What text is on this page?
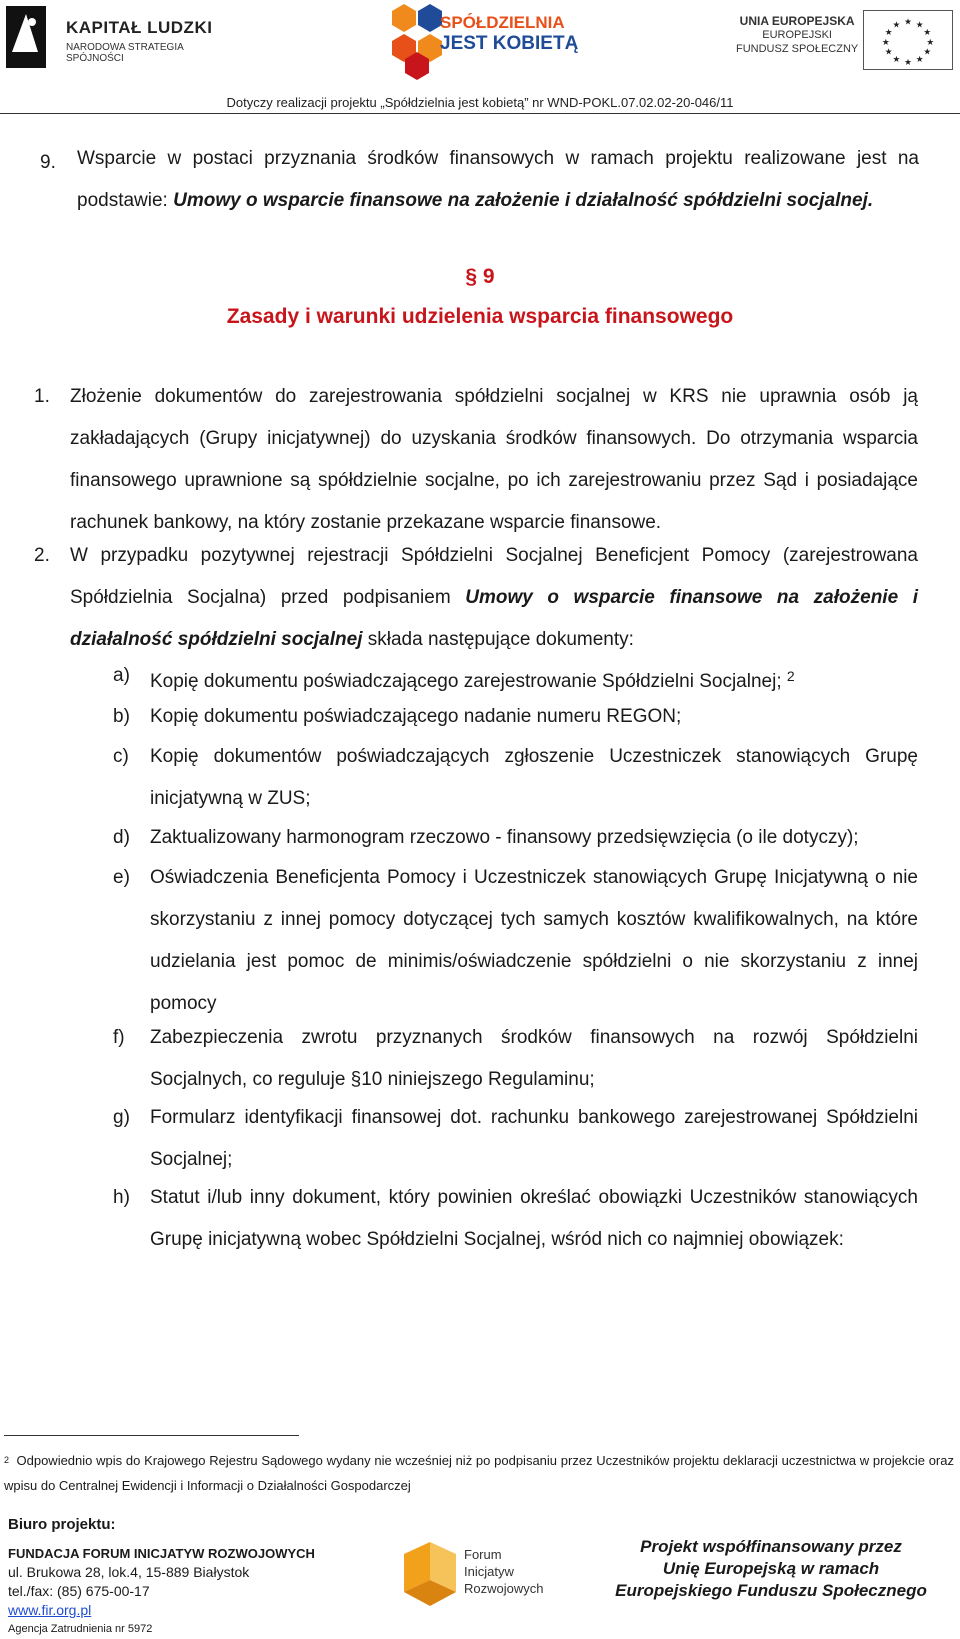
KAPITAŁ LUDZKI
NARODOWA STRATEGIA SPÓJNOŚCI
SPÓŁDZIELNIA
JEST KOBIETĄ
UNIA EUROPEJSKA
EUROPEJSKI
FUNDUSZ SPOŁECZNY
★ ★
★
★
★
★
★
★
★
★
★
★
Dotyczy realizacji projektu „Spółdzielnia jest kobietą” nr WND-POKL.07.02.02-20-046/11
9. Wsparcie w postaci przyznania środków finansowych w ramach projektu realizowane jest na podstawie: Umowy o wsparcie finansowe na założenie i działalność spółdzielni socjalnej.
§ 9
Zasady i warunki udzielenia wsparcia finansowego
1. Złożenie dokumentów do zarejestrowania spółdzielni socjalnej w KRS nie uprawnia osób ją zakładających (Grupy inicjatywnej) do uzyskania środków finansowych. Do otrzymania wsparcia finansowego uprawnione są spółdzielnie socjalne, po ich zarejestrowaniu przez Sąd i posiadające rachunek bankowy, na który zostanie przekazane wsparcie finansowe.
2. W przypadku pozytywnej rejestracji Spółdzielni Socjalnej Beneficjent Pomocy (zarejestrowana Spółdzielnia Socjalna) przed podpisaniem Umowy o wsparcie finansowe na założenie i działalność spółdzielni socjalnej składa następujące dokumenty:
a) Kopię dokumentu poświadczającego zarejestrowanie Spółdzielni Socjalnej; $^2$
b) Kopię dokumentu poświadczającego nadanie numeru REGON;
c) Kopię dokumentów poświadczających zgłoszenie Uczestniczek stanowiących Grupę inicjatywną w ZUS;
d) Zaktualizowany harmonogram rzeczowo - finansowy przedsięwzięcia (o ile dotyczy);
e) Oświadczenia Beneficjenta Pomocy i Uczestniczek stanowiących Grupę Inicjatywną o nie skorzystaniu z innej pomocy dotyczącej tych samych kosztów kwalifikowalnych, na które udzielania jest pomoc de minimis/oświadczenie spółdzielni o nie skorzystaniu z innej pomocy
f) Zabezpieczenia zwrotu przyznanych środków finansowych na rozwój Spółdzielni Socjalnych, co reguluje §10 niniejszego Regulaminu;
g) Formularz identyfikacji finansowej dot. rachunku bankowego zarejestrowanej Spółdzielni Socjalnej;
h) Statut i/lub inny dokument, który powinien określać obowiązki Uczestników stanowiących Grupę inicjatywną wobec Spółdzielni Socjalnej, wśród nich co najmniej obowiązek:
$^2$ Odpowiednio wpis do Krajowego Rejestru Sądowego wydany nie wcześniej niż po podpisaniu przez Uczestników projektu deklaracji uczestnictwa w projekcie oraz wpisu do Centralnej Ewidencji i Informacji o Działalności Gospodarczej
Biuro projektu:
FUNDACJA FORUM INICJATYW ROZWOJOWYCH
ul. Brukowa 28, lok.4, 15-889 Białystok
tel./fax: (85) 675-00-17
www.fir.org.pl
Agencja Zatrudnienia nr 5972
Forum
Inicjatyw
Rozwojowych
Projekt współfinansowany przez
Unię Europejską w ramach
Europejskiego Funduszu Społecznego
